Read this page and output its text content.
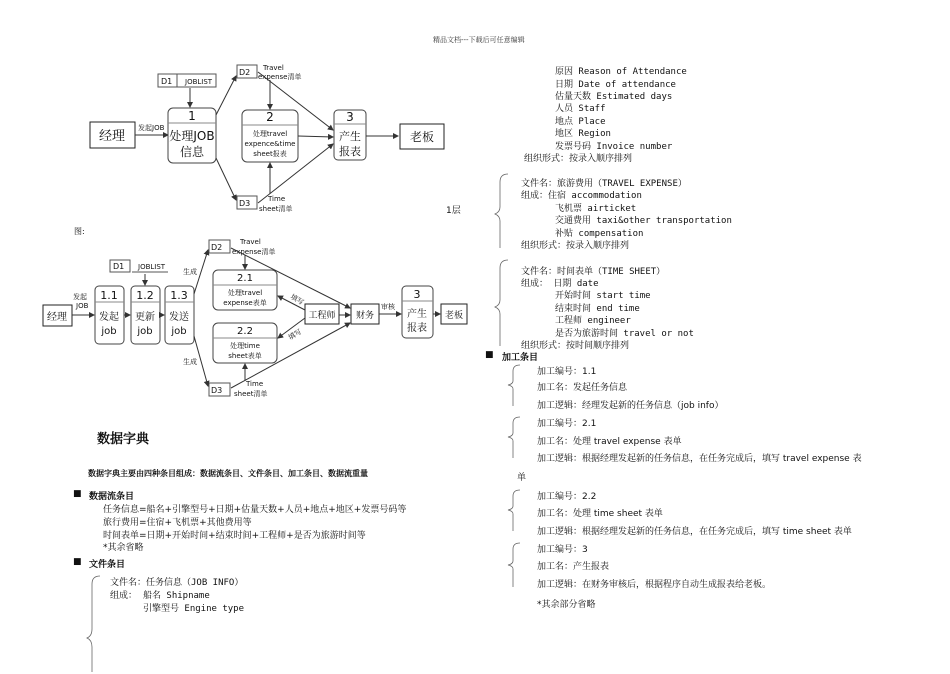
精品文档---下载后可任意编辑
经理
发起JOB
D1 JOBLIST
1
处理JOB
信息
D2 Travel
expense清单
D3	Time
sheet清单
2
处理travel
expence&time
sheet报表
3
产生
报表
老板
1层
图:
经理
发起
JOB
D1 JOBLIST
1.1
发起
job
1.2
更新
job
1.3
发送
job
D2
Travel
expense清单
D3
Time
sheet清单
生成
生成
2.1
处理travel
expense表单
2.2
处理time
sheet表单
工程师
填写
填写
财务
审核
3
产生
报表
老板
数据字典
数据字典主要由四种条目组成：数据流条目、文件条目、加工条目、数据流重量
■ 数据流条目
任务信息=船名+引擎型号+日期+估量天数+人员+地点+地区+发票号码等
旅行费用=住宿+飞机票+其他费用等
时间表单=日期+开始时间+结束时间+工程师+是否为旅游时间等
*其余省略
■ 文件条目
文件名：任务信息（JOB INFO）
组成： 船名 Shipname
引擎型号 Engine type
原因 Reason of Attendance
日期 Date of attendance
估量天数 Estimated days
人员 Staff
地点 Place
地区 Region
发票号码 Invoice number
组织形式：按录入顺序排列
文件名：旅游费用（TRAVEL EXPENSE）
组成：住宿 accommodation
飞机票 airticket
交通费用 taxi&other transportation
补贴 compensation
组织形式：按录入顺序排列
文件名：时间表单（TIME SHEET）
组成： 日期 date
开始时间 start time
结束时间 end time
工程师 engineer
是否为旅游时间 travel or not
组织形式：按时间顺序排列
■ 加工条目
加工编号：1.1
加工名：发起任务信息
加工逻辑：经理发起新的任务信息（job info）
加工编号：2.1
加工名：处理 travel expense 表单
加工逻辑：根据经理发起新的任务信息，在任务完成后，填写 travel expense 表
单
加工编号：2.2
加工名：处理 time sheet 表单
加工逻辑：根据经理发起新的任务信息，在任务完成后，填写 time sheet 表单
加工编号：3
加工名：产生报表
加工逻辑：在财务审核后，根据程序自动生成报表给老板。
*其余部分省略
